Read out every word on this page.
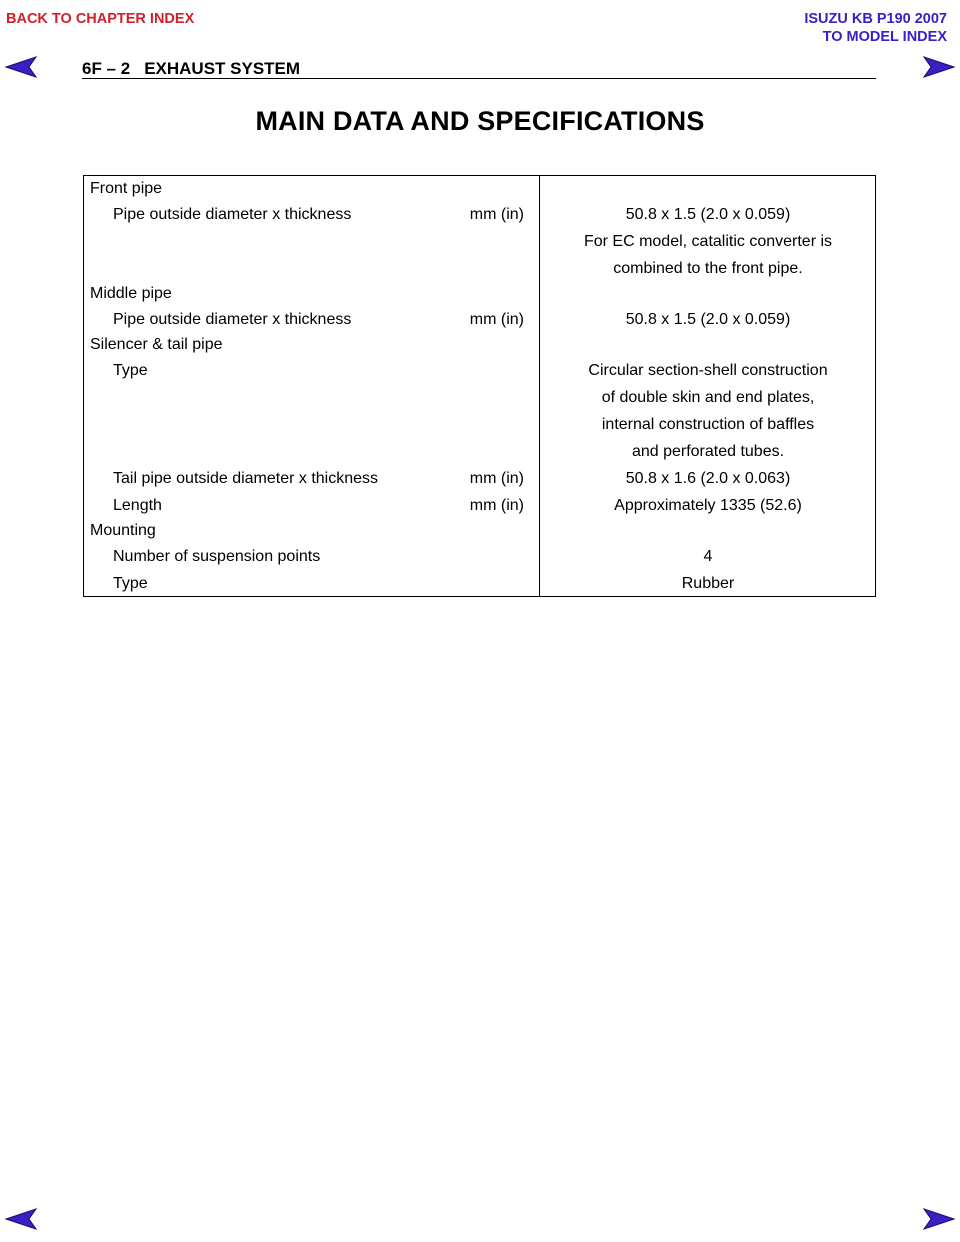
BACK TO CHAPTER INDEX	ISUZU KB P190 2007
TO MODEL INDEX
6F – 2 EXHAUST SYSTEM
MAIN DATA AND SPECIFICATIONS
Front pipe
Pipe outside diameter x thickness	mm (in)	50.8 x 1.5 (2.0 x 0.059)
For EC model, catalitic converter is
combined to the front pipe.
Middle pipe
Pipe outside diameter x thickness	mm (in)	50.8 x 1.5 (2.0 x 0.059)
Silencer & tail pipe
Type	Circular section-shell construction
of double skin and end plates,
internal construction of baffles
and perforated tubes.
Tail pipe outside diameter x thickness	mm (in)	50.8 x 1.6 (2.0 x 0.063)
Length	mm (in)	Approximately 1335 (52.6)
Mounting
Number of suspension points	4
Type	Rubber
